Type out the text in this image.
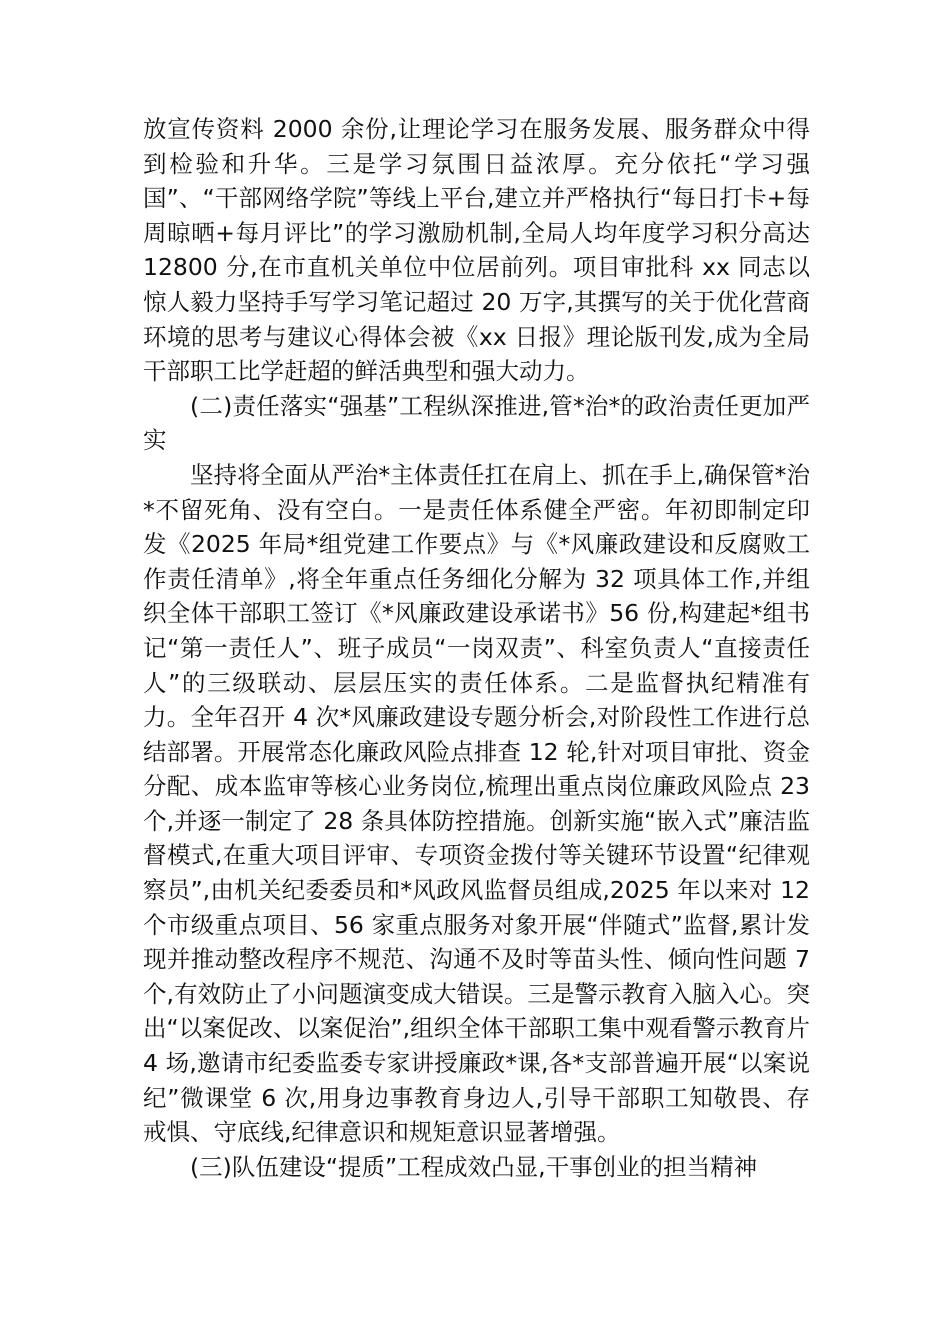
放宣传资料 2000 余份,让理论学习在服务发展、服务群众中得到检验和升华。三是学习氛围日益浓厚。充分依托“学习强国”、“干部网络学院”等线上平台,建立并严格执行“每日打卡+每周晾晒+每月评比”的学习激励机制,全局人均年度学习积分高达 12800 分,在市直机关单位中位居前列。项目审批科 xx 同志以惊人毅力坚持手写学习笔记超过 20 万字,其撰写的关于优化营商环境的思考与建议心得体会被《xx 日报》理论版刊发,成为全局干部职工比学赶超的鲜活典型和强大动力。

(二)责任落实“强基”工程纵深推进,管*治*的政治责任更加严实

坚持将全面从严治*主体责任扛在肩上、抓在手上,确保管*治*不留死角、没有空白。一是责任体系健全严密。年初即制定印发《2025 年局*组党建工作要点》与《*风廉政建设和反腐败工作责任清单》,将全年重点任务细化分解为 32 项具体工作,并组织全体干部职工签订《*风廉政建设承诺书》56 份,构建起*组书记“第一责任人”、班子成员“一岗双责”、科室负责人“直接责任人”的三级联动、层层压实的责任体系。二是监督执纪精准有力。全年召开 4 次*风廉政建设专题分析会,对阶段性工作进行总结部署。开展常态化廉政风险点排查 12 轮,针对项目审批、资金分配、成本监审等核心业务岗位,梳理出重点岗位廉政风险点 23 个,并逐一制定了 28 条具体防控措施。创新实施“嵌入式”廉洁监督模式,在重大项目评审、专项资金拨付等关键环节设置“纪律观察员”,由机关纪委委员和*风政风监督员组成,2025 年以来对 12 个市级重点项目、56 家重点服务对象开展“伴随式”监督,累计发现并推动整改程序不规范、沟通不及时等苗头性、倾向性问题 7 个,有效防止了小问题演变成大错误。三是警示教育入脑入心。突出“以案促改、以案促治”,组织全体干部职工集中观看警示教育片 4 场,邀请市纪委监委专家讲授廉政*课,各*支部普遍开展“以案说纪”微课堂 6 次,用身边事教育身边人,引导干部职工知敬畏、存戒惧、守底线,纪律意识和规矩意识显著增强。

(三)队伍建设“提质”工程成效凸显,干事创业的担当精神
